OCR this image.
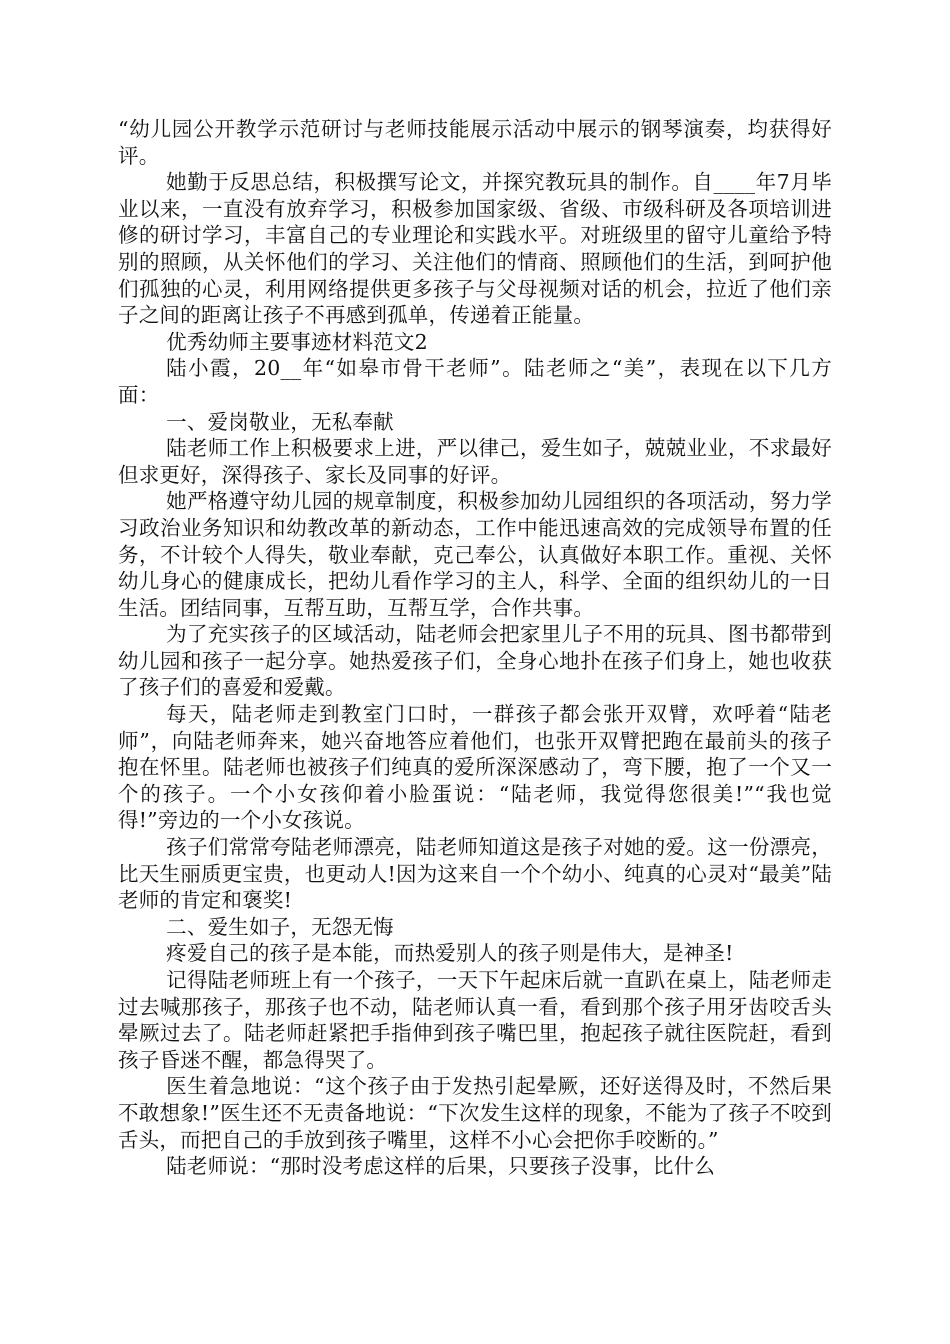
“幼儿园公开教学示范研讨与老师技能展示活动中展示的钢琴演奏，均获得好评。

她勤于反思总结，积极撰写论文，并探究教玩具的制作。自____年7月毕业以来，一直没有放弃学习，积极参加国家级、省级、市级科研及各项培训进修的研讨学习，丰富自己的专业理论和实践水平。对班级里的留守儿童给予特别的照顾，从关怀他们的学习、关注他们的情商、照顾他们的生活，到呵护他们孤独的心灵，利用网络提供更多孩子与父母视频对话的机会，拉近了他们亲子之间的距离让孩子不再感到孤单，传递着正能量。

优秀幼师主要事迹材料范文2

陆小霞，20__年“如皋市骨干老师”。陆老师之“美”，表现在以下几方面：

一、爱岗敬业，无私奉献

陆老师工作上积极要求上进，严以律己，爱生如子，兢兢业业，不求最好但求更好，深得孩子、家长及同事的好评。

她严格遵守幼儿园的规章制度，积极参加幼儿园组织的各项活动，努力学习政治业务知识和幼教改革的新动态，工作中能迅速高效的完成领导布置的任务，不计较个人得失，敬业奉献，克己奉公，认真做好本职工作。重视、关怀幼儿身心的健康成长，把幼儿看作学习的主人，科学、全面的组织幼儿的一日生活。团结同事，互帮互助，互帮互学，合作共事。

为了充实孩子的区域活动，陆老师会把家里儿子不用的玩具、图书都带到幼儿园和孩子一起分享。她热爱孩子们，全身心地扑在孩子们身上，她也收获了孩子们的喜爱和爱戴。

每天，陆老师走到教室门口时，一群孩子都会张开双臂，欢呼着“陆老师”，向陆老师奔来，她兴奋地答应着他们，也张开双臂把跑在最前头的孩子抱在怀里。陆老师也被孩子们纯真的爱所深深感动了，弯下腰，抱了一个又一个的孩子。一个小女孩仰着小脸蛋说：“陆老师，我觉得您很美!”“我也觉得!”旁边的一个小女孩说。

孩子们常常夸陆老师漂亮，陆老师知道这是孩子对她的爱。这一份漂亮，比天生丽质更宝贵，也更动人!因为这来自一个个幼小、纯真的心灵对“最美”陆老师的肯定和褒奖!

二、爱生如子，无怨无悔

疼爱自己的孩子是本能，而热爱别人的孩子则是伟大，是神圣!

记得陆老师班上有一个孩子，一天下午起床后就一直趴在桌上，陆老师走过去喊那孩子，那孩子也不动，陆老师认真一看，看到那个孩子用牙齿咬舌头晕厥过去了。陆老师赶紧把手指伸到孩子嘴巴里，抱起孩子就往医院赶，看到孩子昏迷不醒，都急得哭了。

医生着急地说：“这个孩子由于发热引起晕厥，还好送得及时，不然后果不敢想象!”医生还不无责备地说：“下次发生这样的现象，不能为了孩子不咬到舌头，而把自己的手放到孩子嘴里，这样不小心会把你手咬断的。”

陆老师说：“那时没考虑这样的后果，只要孩子没事，比什么
